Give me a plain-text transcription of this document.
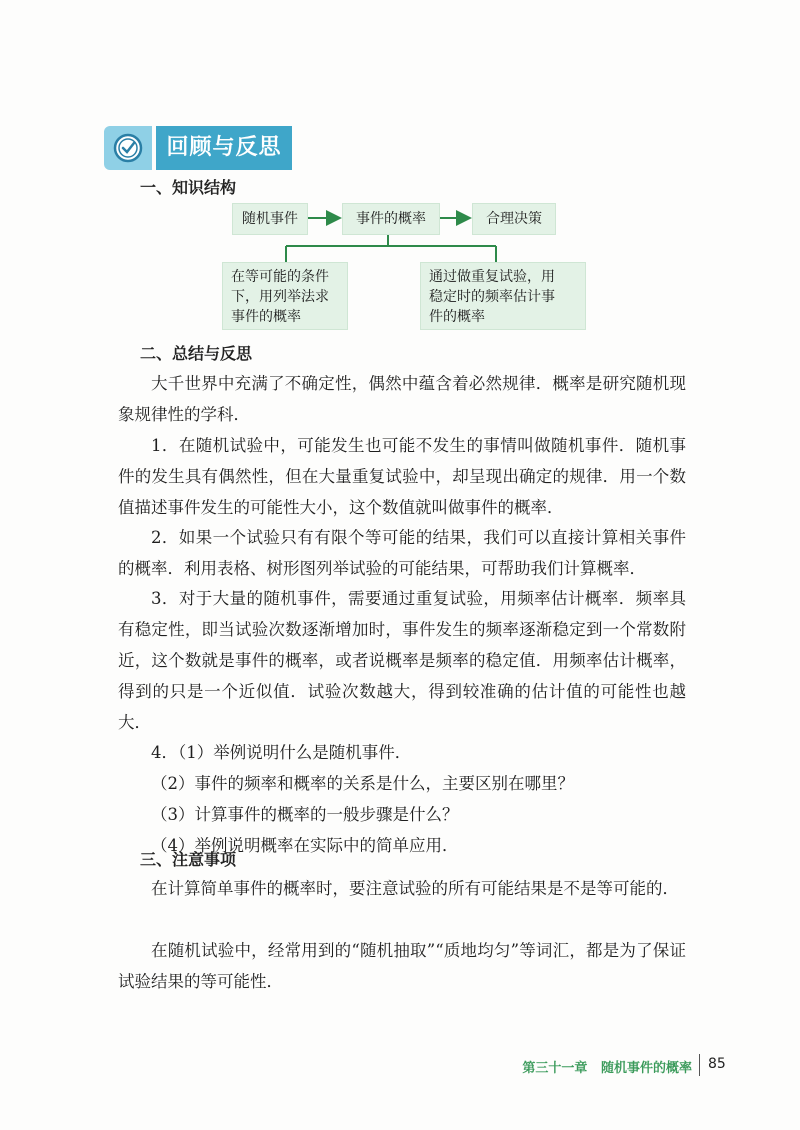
回顾与反思
一、知识结构
随机事件	事件的概率	合理决策
在等可能的条件
下，用列举法求
事件的概率
通过做重复试验，用
稳定时的频率估计事
件的概率
二、总结与反思
大千世界中充满了不确定性，偶然中蕴含着必然规律．概率是研究随机现象规律性的学科．
1．在随机试验中，可能发生也可能不发生的事情叫做随机事件．随机事件的发生具有偶然性，但在大量重复试验中，却呈现出确定的规律．用一个数值描述事件发生的可能性大小，这个数值就叫做事件的概率．
2．如果一个试验只有有限个等可能的结果，我们可以直接计算相关事件的概率．利用表格、树形图列举试验的可能结果，可帮助我们计算概率．
3．对于大量的随机事件，需要通过重复试验，用频率估计概率．频率具有稳定性，即当试验次数逐渐增加时，事件发生的频率逐渐稳定到一个常数附近，这个数就是事件的概率，或者说概率是频率的稳定值．用频率估计概率，得到的只是一个近似值．试验次数越大，得到较准确的估计值的可能性也越大．
4．（1）举例说明什么是随机事件．
（2）事件的频率和概率的关系是什么，主要区别在哪里？
（3）计算事件的概率的一般步骤是什么？
（4）举例说明概率在实际中的简单应用．
三、注意事项
在计算简单事件的概率时，要注意试验的所有可能结果是不是等可能的．
在随机试验中，经常用到的“随机抽取”“质地均匀”等词汇，都是为了保证试验结果的等可能性．
第三十一章 随机事件的概率 85
